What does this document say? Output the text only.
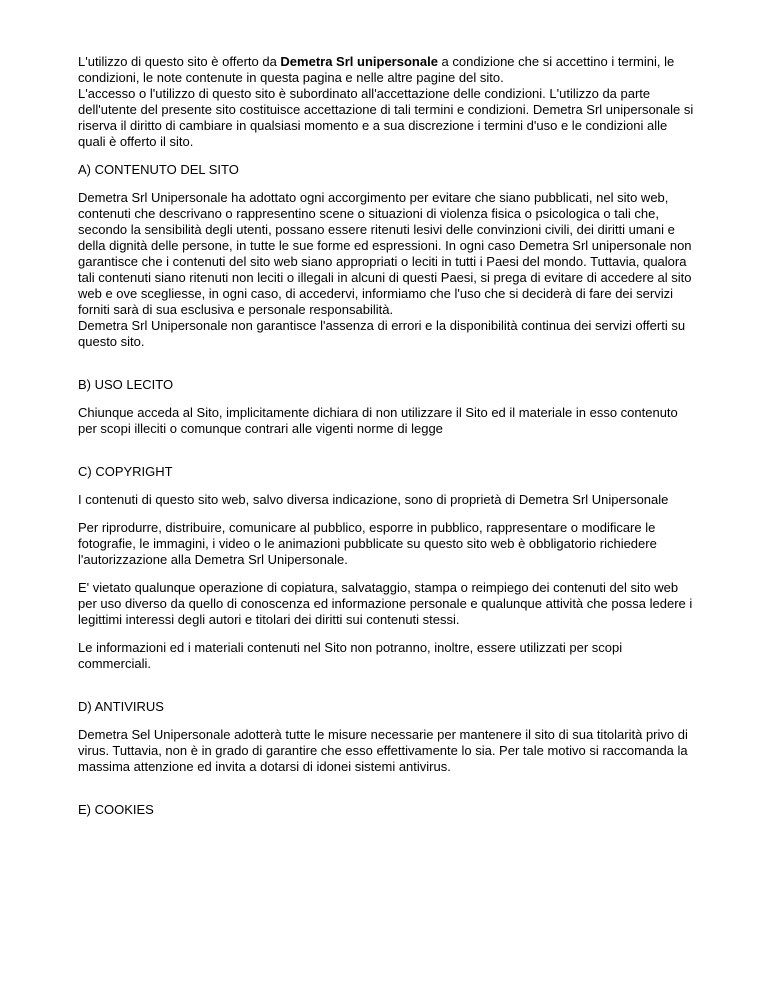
L'utilizzo di questo sito è offerto da Demetra Srl unipersonale a condizione che si accettino i termini, le condizioni, le note contenute in questa pagina e nelle altre pagine del sito.
L'accesso o l'utilizzo di questo sito è subordinato all'accettazione delle condizioni. L'utilizzo da parte dell'utente del presente sito costituisce accettazione di tali termini e condizioni. Demetra Srl unipersonale si riserva il diritto di cambiare in qualsiasi momento e a sua discrezione i termini d'uso e le condizioni alle quali è offerto il sito.
A) CONTENUTO DEL SITO
Demetra Srl Unipersonale ha adottato ogni accorgimento per evitare che siano pubblicati, nel sito web, contenuti che descrivano o rappresentino scene o situazioni di violenza fisica o psicologica o tali che, secondo la sensibilità degli utenti, possano essere ritenuti lesivi delle convinzioni civili, dei diritti umani e della dignità delle persone, in tutte le sue forme ed espressioni. In ogni caso Demetra Srl unipersonale non garantisce che i contenuti del sito web siano appropriati o leciti in tutti i Paesi del mondo. Tuttavia, qualora tali contenuti siano ritenuti non leciti o illegali in alcuni di questi Paesi, si prega di evitare di accedere al sito web e ove scegliesse, in ogni caso, di accedervi, informiamo che l'uso che si deciderà di fare dei servizi forniti sarà di sua esclusiva e personale responsabilità.
Demetra Srl Unipersonale non garantisce l'assenza di errori e la disponibilità continua dei servizi offerti su questo sito.
B) USO LECITO
Chiunque acceda al Sito, implicitamente dichiara di non utilizzare il Sito ed il materiale in esso contenuto per scopi illeciti o comunque contrari alle vigenti norme di legge
C) COPYRIGHT
I contenuti di questo sito web, salvo diversa indicazione, sono di proprietà di Demetra Srl Unipersonale
Per riprodurre, distribuire, comunicare al pubblico, esporre in pubblico, rappresentare o modificare le fotografie, le immagini, i video o le animazioni pubblicate su questo sito web è obbligatorio richiedere l'autorizzazione alla Demetra Srl Unipersonale.
E' vietato qualunque operazione di copiatura, salvataggio, stampa o reimpiego dei contenuti del sito web per uso diverso da quello di conoscenza ed informazione personale e qualunque attività che possa ledere i legittimi interessi degli autori e titolari dei diritti sui contenuti stessi.
Le informazioni ed i materiali contenuti nel Sito non potranno, inoltre, essere utilizzati per scopi commerciali.
D) ANTIVIRUS
Demetra Sel Unipersonale adotterà tutte le misure necessarie per mantenere il sito di sua titolarità privo di virus. Tuttavia, non è in grado di garantire che esso effettivamente lo sia. Per tale motivo si raccomanda la massima attenzione ed invita a dotarsi di idonei sistemi antivirus.
E) COOKIES
